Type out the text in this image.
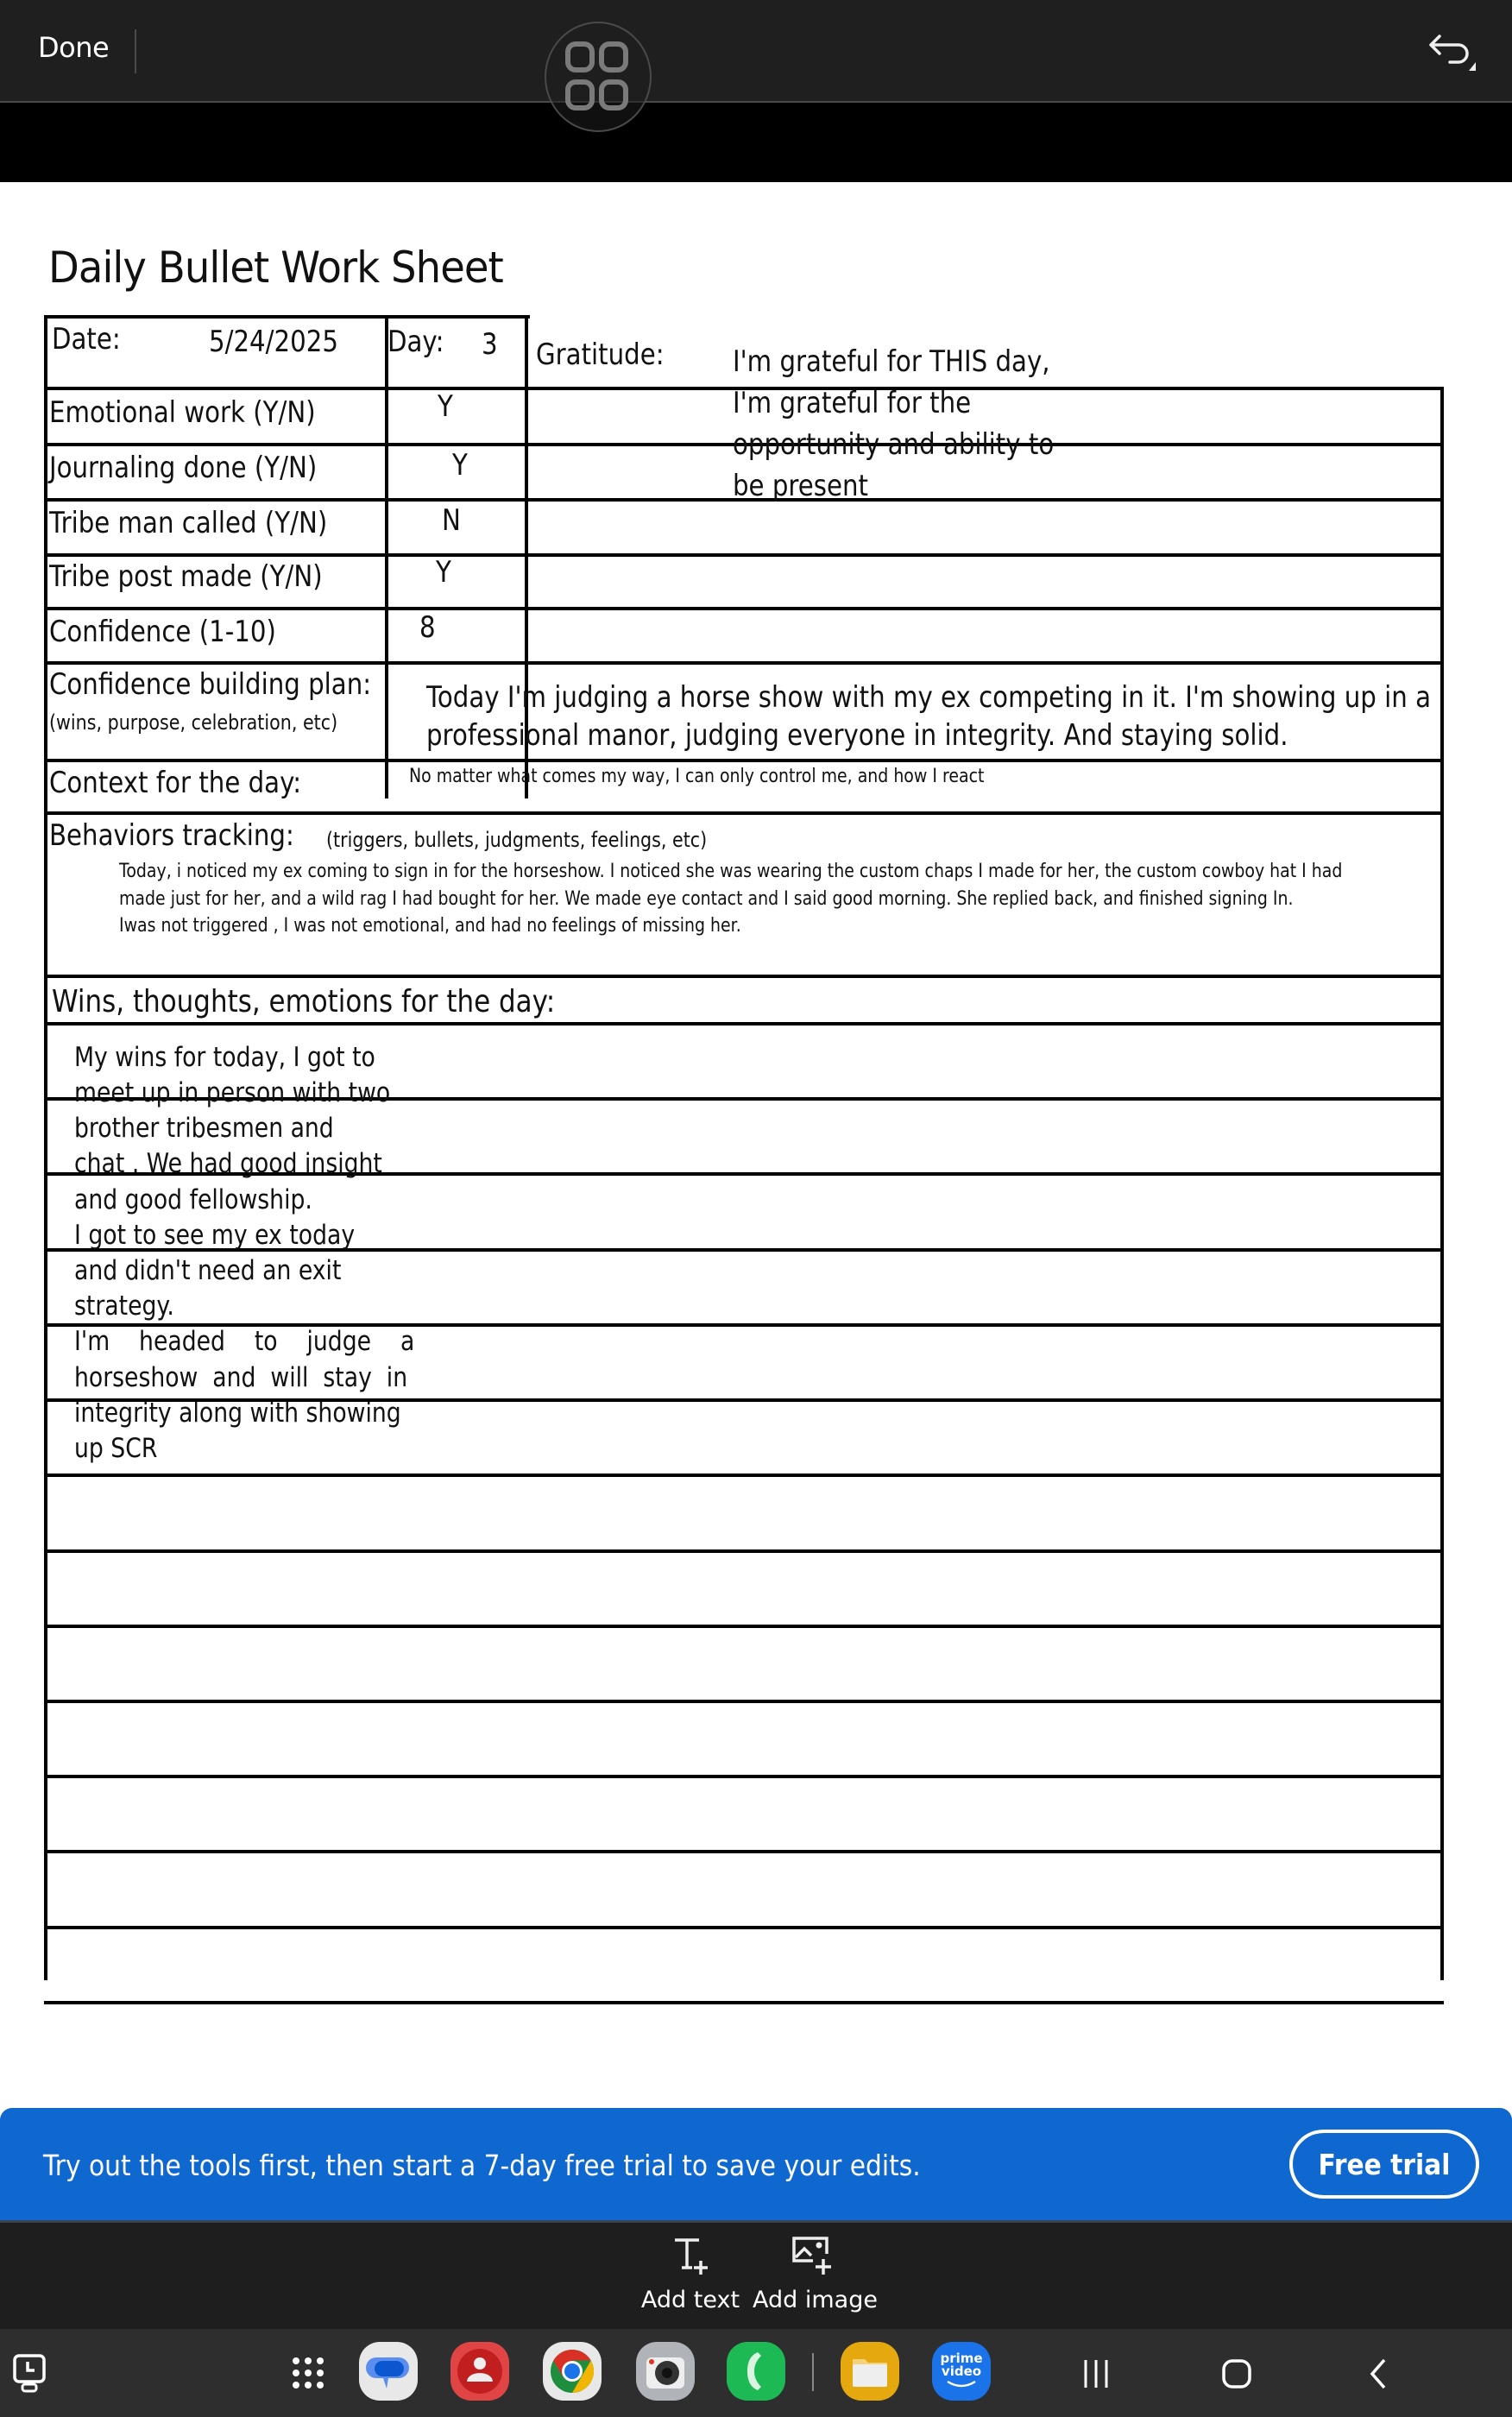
Done
Daily Bullet Work Sheet
Date:	5/24/2025 Day: 3 Gratitude: I'm grateful for THIS day,
I'm grateful for the
opportunity and ability to
be present
Emotional work (Y/N)	Y
Journaling done (Y/N)	Y
Tribe man called (Y/N)	N
Tribe post made (Y/N)	Y
Confidence (1-10)	8
Confidence building plan:
(wins, purpose, celebration, etc)
Today I'm judging a horse show with my ex competing in it. I'm showing up in a
professional manor, judging everyone in integrity. And staying solid.
Context for the day:	No matter what comes my way, I can only control me, and how I react
Behaviors tracking: (triggers, bullets, judgments, feelings, etc)
Today, i noticed my ex coming to sign in for the horseshow. I noticed she was wearing the custom chaps I made for her, the custom cowboy hat I had
made just for her, and a wild rag I had bought for her. We made eye contact and I said good morning. She replied back, and finished signing In.
Iwas not triggered , I was not emotional, and had no feelings of missing her.
Wins, thoughts, emotions for the day:
My wins for today, I got to
meet up in person with two
brother tribesmen and
chat . We had good insight
and good fellowship.
I got to see my ex today
and didn't need an exit
strategy.
I'm    headed    to    judge    a
horseshow  and  will  stay  in
integrity along with showing
up SCR
Try out the tools first, then start a 7-day free trial to save your edits.	Free trial
Add text Add image
prime
video
